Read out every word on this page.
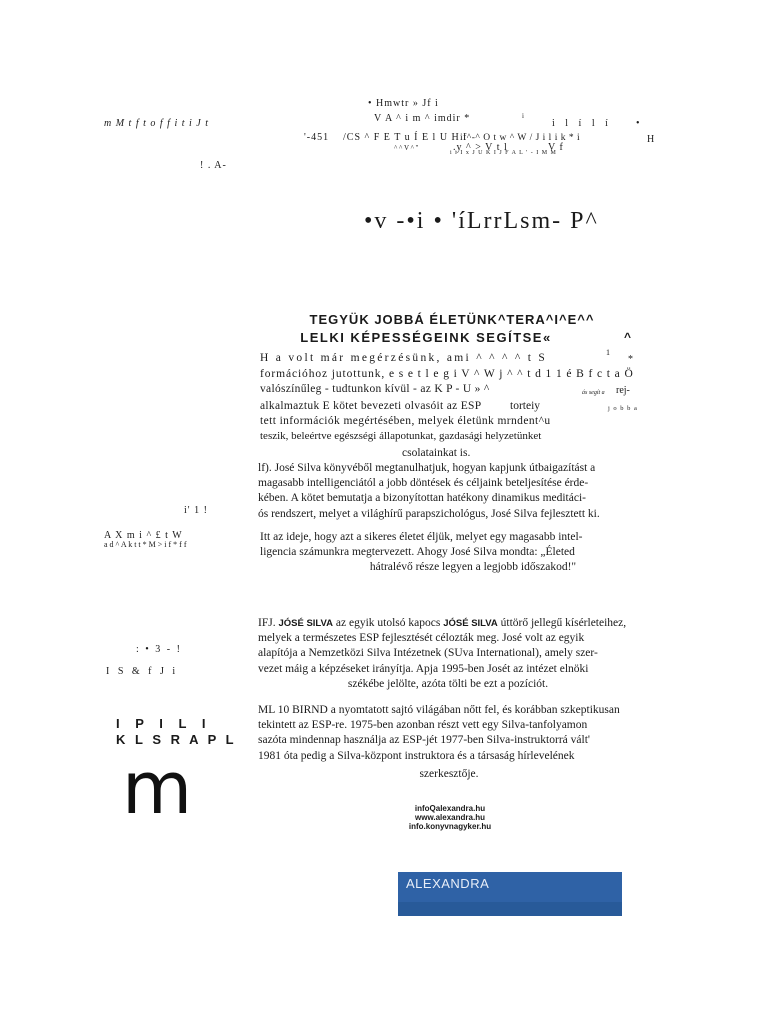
• Hmwtr » Jf i
V A ^ i m ^ imdir *	i
i l í l í •
m M t f t o f f i t i J t
'-451 /CS ^ F E T u Í E l U H l
if^-^ O t w ^ W / J i l i k * i	H
^ ^ V ^ ''	.y ^ > V t l	V f
i i I x J U K I J F A L ' - I M M
! . A-
•v -•i • 'íLrrLsm- P^
TEGYÜK JOBBÁ ÉLETÜNK^TERA^I^E^^
LELKI KÉPESSÉGEINK SEGÍTSE«	^
H a volt már megérzésünk, ami ^ ^ ^ ^ t S	1
*
formációhoz jutottunk, e s e t l e g i V ^ W j ^ ^ t d 1 1 é B f c t a Ö
valószínűleg - tudtunkon kívül - az K P - U » ^	ás segít a rej-
alkalmaztuk E kötet bevezeti olvasóit az ESP torteiy	j o b b a
tett információk megértésében, melyek életünk mrndent^u
teszik, beleértve egészségi állapotunkat, gazdasági helyzetünket
csolatainkat is.
lf). José Silva könyvéből megtanulhatjuk, hogyan kapjunk útbaigazítást a
magasabb intelligenciától a jobb döntések és céljaink beteljesítése érde-
kében. A kötet bemutatja a bizonyítottan hatékony dinamikus meditáci-
ós rendszert, melyet a világhírű parapszichológus, José Silva fejlesztett ki.
Itt az ideje, hogy azt a sikeres életet éljük, melyet egy magasabb intel-
ligencia számunkra megtervezett. Ahogy José Silva mondta: „Életed
hátralévő része legyen a legjobb időszakod!"
i' 1 !
A X m i ^ £ t W
a d ^ A k t t * M > i f * f f
: • 3 - !
I S & f J i
I P I L I
K L S R A P L
m
IFJ. JÓSÉ SILVA az egyik utolsó kapocs JÓSÉ SILVA úttörő jellegű kísérleteihez,
melyek a természetes ESP fejlesztését célozták meg. José volt az egyik
alapítója a Nemzetközi Silva Intézetnek (SUva International), amely szer-
vezet máig a képzéseket irányítja. Apja 1995-ben Josét az intézet elnöki
székébe jelölte, azóta tölti be ezt a pozíciót.
ML 10 BIRND a nyomtatott sajtó világában nőtt fel, és korábban szkeptikusan
tekintett az ESP-re. 1975-ben azonban részt vett egy Silva-tanfolyamon
sazóta mindennap használja az ESP-jét 1977-ben Silva-instruktorrá vált'
1981 óta pedig a Silva-központ instruktora és a társaság hírlevelének
szerkesztője.
infoQalexandra.hu
www.alexandra.hu
info.konyvnagyker.hu
ALEXANDRA
